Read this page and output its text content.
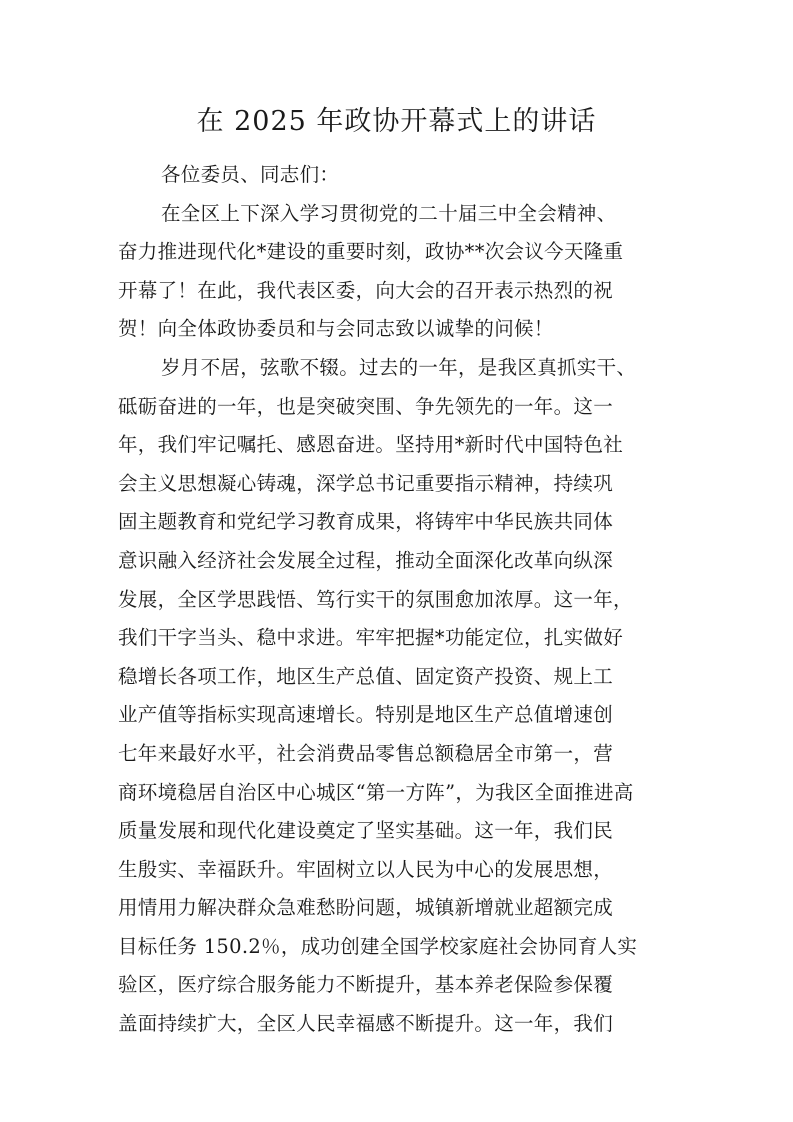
在 2025 年政协开幕式上的讲话
各位委员、同志们：
在全区上下深入学习贯彻党的二十届三中全会精神、
奋力推进现代化*建设的重要时刻，政协**次会议今天隆重
开幕了！在此，我代表区委，向大会的召开表示热烈的祝
贺！向全体政协委员和与会同志致以诚挚的问候！
岁月不居，弦歌不辍。过去的一年，是我区真抓实干、
砥砺奋进的一年，也是突破突围、争先领先的一年。这一
年，我们牢记嘱托、感恩奋进。坚持用*新时代中国特色社
会主义思想凝心铸魂，深学总书记重要指示精神，持续巩
固主题教育和党纪学习教育成果，将铸牢中华民族共同体
意识融入经济社会发展全过程，推动全面深化改革向纵深
发展，全区学思践悟、笃行实干的氛围愈加浓厚。这一年，
我们干字当头、稳中求进。牢牢把握*功能定位，扎实做好
稳增长各项工作，地区生产总值、固定资产投资、规上工
业产值等指标实现高速增长。特别是地区生产总值增速创
七年来最好水平，社会消费品零售总额稳居全市第一，营
商环境稳居自治区中心城区“第一方阵”，为我区全面推进高
质量发展和现代化建设奠定了坚实基础。这一年，我们民
生殷实、幸福跃升。牢固树立以人民为中心的发展思想，
用情用力解决群众急难愁盼问题，城镇新增就业超额完成
目标任务 150.2％，成功创建全国学校家庭社会协同育人实
验区，医疗综合服务能力不断提升，基本养老保险参保覆
盖面持续扩大，全区人民幸福感不断提升。这一年，我们
